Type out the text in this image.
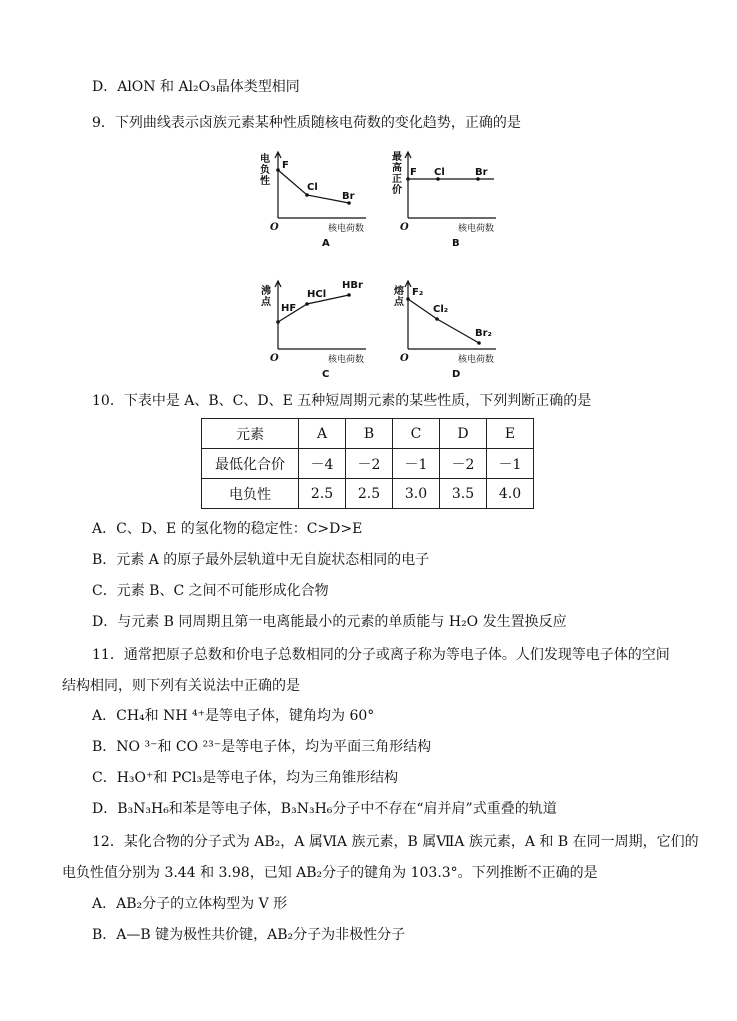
D．AlON 和 Al₂O₃晶体类型相同
9．下列曲线表示卤族元素某种性质随核电荷数的变化趋势，正确的是
电
负
性
O	核电荷数
F
Cl
Br
A
最
高
正
价
O	核电荷数
F Cl	Br
B
沸
点
O	核电荷数
HF
HCl
HBr
C
熔
点
O	核电荷数
F₂
Cl₂
Br₂
D
10．下表中是 A、B、C、D、E 五种短周期元素的某些性质，下列判断正确的是
元素	A	B	C	D	E
最低化合价	－4	－2	－1	－2	－1
电负性	2.5	2.5	3.0	3.5	4.0
A．C、D、E 的氢化物的稳定性：C>D>E
B．元素 A 的原子最外层轨道中无自旋状态相同的电子
C．元素 B、C 之间不可能形成化合物
D．与元素 B 同周期且第一电离能最小的元素的单质能与 H₂O 发生置换反应
11．通常把原子总数和价电子总数相同的分子或离子称为等电子体。人们发现等电子体的空间
结构相同，则下列有关说法中正确的是
A．CH₄和 NH ⁴⁺是等电子体，键角均为 60°
B．NO ³⁻和 CO ²³⁻是等电子体，均为平面三角形结构
C．H₃O⁺和 PCl₃是等电子体，均为三角锥形结构
D．B₃N₃H₆和苯是等电子体，B₃N₃H₆分子中不存在“肩并肩”式重叠的轨道
12．某化合物的分子式为 AB₂，A 属ⅥA 族元素，B 属ⅦA 族元素，A 和 B 在同一周期，它们的
电负性值分别为 3.44 和 3.98，已知 AB₂分子的键角为 103.3°。下列推断不正确的是
A．AB₂分子的立体构型为 V 形
B．A—B 键为极性共价键，AB₂分子为非极性分子
